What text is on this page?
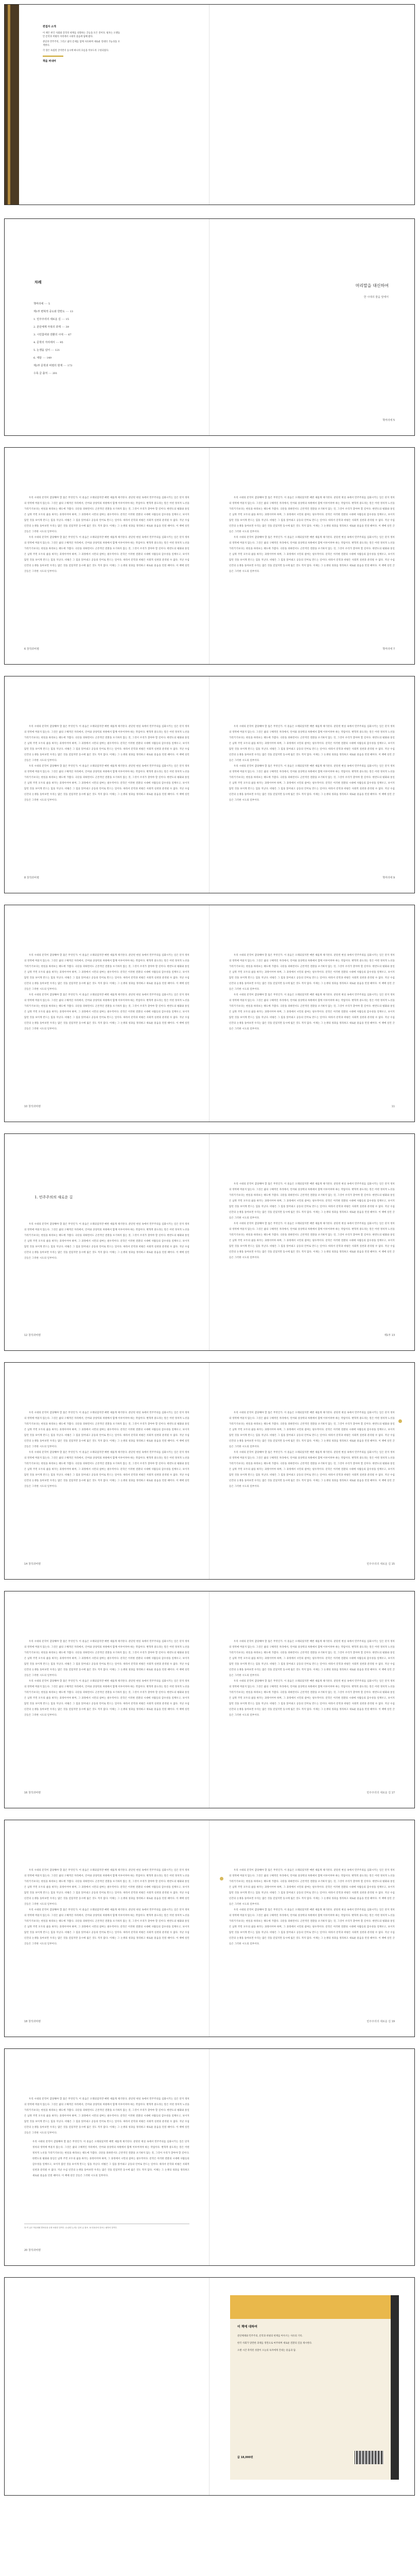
편집자 소개

이 책은 한국 사회와 문학의 현재를 성찰하는 글들을 모은 것이다. 필자는 오랫동안 문학과 비평의 자리에서 시대의 물음에 답해 왔다.

분단과 민주주의, 그리고 삶의 문제를 함께 사유하며 새로운 연대의 가능성을 모색한다.

각 장은 독립된 글이면서 동시에 하나의 흐름을 이루도록 구성되었다.

책을 펴내며
차례
책머리에 ···· 5
제1부 변혁적 중도와 한반도 ···· 13
1. 민주주의의 새로운 길 ···· 15
2. 분단체제 극복의 과제 ···· 39
3. 시민참여와 전환의 시대 ···· 67
4. 문학의 자리에서 ···· 95
5. 논쟁을 넘어 ···· 121
6. 대담 ···· 149
제2부 문학과 비평의 현재 ···· 173
수록 글 출처 ···· 201
머리말을 대신하여
한 시대의 물음 앞에서

책머리에 5

우리 시대의 문학이 감당해야 할 몫은 무엇인가. 이 물음은 오래되었지만 매번 새롭게 제기된다. 분단된 현실 속에서 민주주의를 심화시키는 일은 단지 정치의 영역에 머물지 않는다. 그것은 삶의 구체적인 자리에서, 언어와 상상력의 차원에서 함께 이루어져야 하는 작업이다. 변혁적 중도라는 말은 어떤 정치적 노선을 가리키기보다는 현실을 바라보는 태도에 가깝다. 극단을 피하면서도 근본적인 전환을 포기하지 않는 것, 그것이 우리가 찾아야 할 길이다. 한반도의 평화와 통일은 남북 주민 모두의 삶을 바꾸는 과정이어야 하며, 그 과정에서 시민의 참여는 필수적이다. 문학은 이러한 전환의 시대에 사람들의 감수성을 일깨우고, 보이지 않던 것을 보이게 만드는 힘을 지닌다. 비평은 그 힘을 읽어내고 공동의 언어로 만드는 일이다. 따라서 문학과 비평은 사회적 실천과 분리될 수 없다. 지난 수십 년간의 논쟁을 돌아보면 우리는 많은 것을 얻었지만 동시에 잃은 것도 적지 않다. 이제는 그 논쟁의 성과를 정리하고 새로운 물음을 던질 때이다. 이 책에 실린 글들은 그러한 시도의 일부이다.

우리 시대의 문학이 감당해야 할 몫은 무엇인가. 이 물음은 오래되었지만 매번 새롭게 제기된다. 분단된 현실 속에서 민주주의를 심화시키는 일은 단지 정치의 영역에 머물지 않는다. 그것은 삶의 구체적인 자리에서, 언어와 상상력의 차원에서 함께 이루어져야 하는 작업이다. 변혁적 중도라는 말은 어떤 정치적 노선을 가리키기보다는 현실을 바라보는 태도에 가깝다. 극단을 피하면서도 근본적인 전환을 포기하지 않는 것, 그것이 우리가 찾아야 할 길이다. 한반도의 평화와 통일은 남북 주민 모두의 삶을 바꾸는 과정이어야 하며, 그 과정에서 시민의 참여는 필수적이다. 문학은 이러한 전환의 시대에 사람들의 감수성을 일깨우고, 보이지 않던 것을 보이게 만드는 힘을 지닌다. 비평은 그 힘을 읽어내고 공동의 언어로 만드는 일이다. 따라서 문학과 비평은 사회적 실천과 분리될 수 없다. 지난 수십 년간의 논쟁을 돌아보면 우리는 많은 것을 얻었지만 동시에 잃은 것도 적지 않다. 이제는 그 논쟁의 성과를 정리하고 새로운 물음을 던질 때이다. 이 책에 실린 글들은 그러한 시도의 일부이다.

6 창작과비평

우리 시대의 문학이 감당해야 할 몫은 무엇인가. 이 물음은 오래되었지만 매번 새롭게 제기된다. 분단된 현실 속에서 민주주의를 심화시키는 일은 단지 정치의 영역에 머물지 않는다. 그것은 삶의 구체적인 자리에서, 언어와 상상력의 차원에서 함께 이루어져야 하는 작업이다. 변혁적 중도라는 말은 어떤 정치적 노선을 가리키기보다는 현실을 바라보는 태도에 가깝다. 극단을 피하면서도 근본적인 전환을 포기하지 않는 것, 그것이 우리가 찾아야 할 길이다. 한반도의 평화와 통일은 남북 주민 모두의 삶을 바꾸는 과정이어야 하며, 그 과정에서 시민의 참여는 필수적이다. 문학은 이러한 전환의 시대에 사람들의 감수성을 일깨우고, 보이지 않던 것을 보이게 만드는 힘을 지닌다. 비평은 그 힘을 읽어내고 공동의 언어로 만드는 일이다. 따라서 문학과 비평은 사회적 실천과 분리될 수 없다. 지난 수십 년간의 논쟁을 돌아보면 우리는 많은 것을 얻었지만 동시에 잃은 것도 적지 않다. 이제는 그 논쟁의 성과를 정리하고 새로운 물음을 던질 때이다. 이 책에 실린 글들은 그러한 시도의 일부이다.

우리 시대의 문학이 감당해야 할 몫은 무엇인가. 이 물음은 오래되었지만 매번 새롭게 제기된다. 분단된 현실 속에서 민주주의를 심화시키는 일은 단지 정치의 영역에 머물지 않는다. 그것은 삶의 구체적인 자리에서, 언어와 상상력의 차원에서 함께 이루어져야 하는 작업이다. 변혁적 중도라는 말은 어떤 정치적 노선을 가리키기보다는 현실을 바라보는 태도에 가깝다. 극단을 피하면서도 근본적인 전환을 포기하지 않는 것, 그것이 우리가 찾아야 할 길이다. 한반도의 평화와 통일은 남북 주민 모두의 삶을 바꾸는 과정이어야 하며, 그 과정에서 시민의 참여는 필수적이다. 문학은 이러한 전환의 시대에 사람들의 감수성을 일깨우고, 보이지 않던 것을 보이게 만드는 힘을 지닌다. 비평은 그 힘을 읽어내고 공동의 언어로 만드는 일이다. 따라서 문학과 비평은 사회적 실천과 분리될 수 없다. 지난 수십 년간의 논쟁을 돌아보면 우리는 많은 것을 얻었지만 동시에 잃은 것도 적지 않다. 이제는 그 논쟁의 성과를 정리하고 새로운 물음을 던질 때이다. 이 책에 실린 글들은 그러한 시도의 일부이다.

책머리에 7

우리 시대의 문학이 감당해야 할 몫은 무엇인가. 이 물음은 오래되었지만 매번 새롭게 제기된다. 분단된 현실 속에서 민주주의를 심화시키는 일은 단지 정치의 영역에 머물지 않는다. 그것은 삶의 구체적인 자리에서, 언어와 상상력의 차원에서 함께 이루어져야 하는 작업이다. 변혁적 중도라는 말은 어떤 정치적 노선을 가리키기보다는 현실을 바라보는 태도에 가깝다. 극단을 피하면서도 근본적인 전환을 포기하지 않는 것, 그것이 우리가 찾아야 할 길이다. 한반도의 평화와 통일은 남북 주민 모두의 삶을 바꾸는 과정이어야 하며, 그 과정에서 시민의 참여는 필수적이다. 문학은 이러한 전환의 시대에 사람들의 감수성을 일깨우고, 보이지 않던 것을 보이게 만드는 힘을 지닌다. 비평은 그 힘을 읽어내고 공동의 언어로 만드는 일이다. 따라서 문학과 비평은 사회적 실천과 분리될 수 없다. 지난 수십 년간의 논쟁을 돌아보면 우리는 많은 것을 얻었지만 동시에 잃은 것도 적지 않다. 이제는 그 논쟁의 성과를 정리하고 새로운 물음을 던질 때이다. 이 책에 실린 글들은 그러한 시도의 일부이다.

우리 시대의 문학이 감당해야 할 몫은 무엇인가. 이 물음은 오래되었지만 매번 새롭게 제기된다. 분단된 현실 속에서 민주주의를 심화시키는 일은 단지 정치의 영역에 머물지 않는다. 그것은 삶의 구체적인 자리에서, 언어와 상상력의 차원에서 함께 이루어져야 하는 작업이다. 변혁적 중도라는 말은 어떤 정치적 노선을 가리키기보다는 현실을 바라보는 태도에 가깝다. 극단을 피하면서도 근본적인 전환을 포기하지 않는 것, 그것이 우리가 찾아야 할 길이다. 한반도의 평화와 통일은 남북 주민 모두의 삶을 바꾸는 과정이어야 하며, 그 과정에서 시민의 참여는 필수적이다. 문학은 이러한 전환의 시대에 사람들의 감수성을 일깨우고, 보이지 않던 것을 보이게 만드는 힘을 지닌다. 비평은 그 힘을 읽어내고 공동의 언어로 만드는 일이다. 따라서 문학과 비평은 사회적 실천과 분리될 수 없다. 지난 수십 년간의 논쟁을 돌아보면 우리는 많은 것을 얻었지만 동시에 잃은 것도 적지 않다. 이제는 그 논쟁의 성과를 정리하고 새로운 물음을 던질 때이다. 이 책에 실린 글들은 그러한 시도의 일부이다.

8 창작과비평

우리 시대의 문학이 감당해야 할 몫은 무엇인가. 이 물음은 오래되었지만 매번 새롭게 제기된다. 분단된 현실 속에서 민주주의를 심화시키는 일은 단지 정치의 영역에 머물지 않는다. 그것은 삶의 구체적인 자리에서, 언어와 상상력의 차원에서 함께 이루어져야 하는 작업이다. 변혁적 중도라는 말은 어떤 정치적 노선을 가리키기보다는 현실을 바라보는 태도에 가깝다. 극단을 피하면서도 근본적인 전환을 포기하지 않는 것, 그것이 우리가 찾아야 할 길이다. 한반도의 평화와 통일은 남북 주민 모두의 삶을 바꾸는 과정이어야 하며, 그 과정에서 시민의 참여는 필수적이다. 문학은 이러한 전환의 시대에 사람들의 감수성을 일깨우고, 보이지 않던 것을 보이게 만드는 힘을 지닌다. 비평은 그 힘을 읽어내고 공동의 언어로 만드는 일이다. 따라서 문학과 비평은 사회적 실천과 분리될 수 없다. 지난 수십 년간의 논쟁을 돌아보면 우리는 많은 것을 얻었지만 동시에 잃은 것도 적지 않다. 이제는 그 논쟁의 성과를 정리하고 새로운 물음을 던질 때이다. 이 책에 실린 글들은 그러한 시도의 일부이다.

우리 시대의 문학이 감당해야 할 몫은 무엇인가. 이 물음은 오래되었지만 매번 새롭게 제기된다. 분단된 현실 속에서 민주주의를 심화시키는 일은 단지 정치의 영역에 머물지 않는다. 그것은 삶의 구체적인 자리에서, 언어와 상상력의 차원에서 함께 이루어져야 하는 작업이다. 변혁적 중도라는 말은 어떤 정치적 노선을 가리키기보다는 현실을 바라보는 태도에 가깝다. 극단을 피하면서도 근본적인 전환을 포기하지 않는 것, 그것이 우리가 찾아야 할 길이다. 한반도의 평화와 통일은 남북 주민 모두의 삶을 바꾸는 과정이어야 하며, 그 과정에서 시민의 참여는 필수적이다. 문학은 이러한 전환의 시대에 사람들의 감수성을 일깨우고, 보이지 않던 것을 보이게 만드는 힘을 지닌다. 비평은 그 힘을 읽어내고 공동의 언어로 만드는 일이다. 따라서 문학과 비평은 사회적 실천과 분리될 수 없다. 지난 수십 년간의 논쟁을 돌아보면 우리는 많은 것을 얻었지만 동시에 잃은 것도 적지 않다. 이제는 그 논쟁의 성과를 정리하고 새로운 물음을 던질 때이다. 이 책에 실린 글들은 그러한 시도의 일부이다.

책머리에 9

우리 시대의 문학이 감당해야 할 몫은 무엇인가. 이 물음은 오래되었지만 매번 새롭게 제기된다. 분단된 현실 속에서 민주주의를 심화시키는 일은 단지 정치의 영역에 머물지 않는다. 그것은 삶의 구체적인 자리에서, 언어와 상상력의 차원에서 함께 이루어져야 하는 작업이다. 변혁적 중도라는 말은 어떤 정치적 노선을 가리키기보다는 현실을 바라보는 태도에 가깝다. 극단을 피하면서도 근본적인 전환을 포기하지 않는 것, 그것이 우리가 찾아야 할 길이다. 한반도의 평화와 통일은 남북 주민 모두의 삶을 바꾸는 과정이어야 하며, 그 과정에서 시민의 참여는 필수적이다. 문학은 이러한 전환의 시대에 사람들의 감수성을 일깨우고, 보이지 않던 것을 보이게 만드는 힘을 지닌다. 비평은 그 힘을 읽어내고 공동의 언어로 만드는 일이다. 따라서 문학과 비평은 사회적 실천과 분리될 수 없다. 지난 수십 년간의 논쟁을 돌아보면 우리는 많은 것을 얻었지만 동시에 잃은 것도 적지 않다. 이제는 그 논쟁의 성과를 정리하고 새로운 물음을 던질 때이다. 이 책에 실린 글들은 그러한 시도의 일부이다.

우리 시대의 문학이 감당해야 할 몫은 무엇인가. 이 물음은 오래되었지만 매번 새롭게 제기된다. 분단된 현실 속에서 민주주의를 심화시키는 일은 단지 정치의 영역에 머물지 않는다. 그것은 삶의 구체적인 자리에서, 언어와 상상력의 차원에서 함께 이루어져야 하는 작업이다. 변혁적 중도라는 말은 어떤 정치적 노선을 가리키기보다는 현실을 바라보는 태도에 가깝다. 극단을 피하면서도 근본적인 전환을 포기하지 않는 것, 그것이 우리가 찾아야 할 길이다. 한반도의 평화와 통일은 남북 주민 모두의 삶을 바꾸는 과정이어야 하며, 그 과정에서 시민의 참여는 필수적이다. 문학은 이러한 전환의 시대에 사람들의 감수성을 일깨우고, 보이지 않던 것을 보이게 만드는 힘을 지닌다. 비평은 그 힘을 읽어내고 공동의 언어로 만드는 일이다. 따라서 문학과 비평은 사회적 실천과 분리될 수 없다. 지난 수십 년간의 논쟁을 돌아보면 우리는 많은 것을 얻었지만 동시에 잃은 것도 적지 않다. 이제는 그 논쟁의 성과를 정리하고 새로운 물음을 던질 때이다. 이 책에 실린 글들은 그러한 시도의 일부이다.

10 창작과비평

우리 시대의 문학이 감당해야 할 몫은 무엇인가. 이 물음은 오래되었지만 매번 새롭게 제기된다. 분단된 현실 속에서 민주주의를 심화시키는 일은 단지 정치의 영역에 머물지 않는다. 그것은 삶의 구체적인 자리에서, 언어와 상상력의 차원에서 함께 이루어져야 하는 작업이다. 변혁적 중도라는 말은 어떤 정치적 노선을 가리키기보다는 현실을 바라보는 태도에 가깝다. 극단을 피하면서도 근본적인 전환을 포기하지 않는 것, 그것이 우리가 찾아야 할 길이다. 한반도의 평화와 통일은 남북 주민 모두의 삶을 바꾸는 과정이어야 하며, 그 과정에서 시민의 참여는 필수적이다. 문학은 이러한 전환의 시대에 사람들의 감수성을 일깨우고, 보이지 않던 것을 보이게 만드는 힘을 지닌다. 비평은 그 힘을 읽어내고 공동의 언어로 만드는 일이다. 따라서 문학과 비평은 사회적 실천과 분리될 수 없다. 지난 수십 년간의 논쟁을 돌아보면 우리는 많은 것을 얻었지만 동시에 잃은 것도 적지 않다. 이제는 그 논쟁의 성과를 정리하고 새로운 물음을 던질 때이다. 이 책에 실린 글들은 그러한 시도의 일부이다.

우리 시대의 문학이 감당해야 할 몫은 무엇인가. 이 물음은 오래되었지만 매번 새롭게 제기된다. 분단된 현실 속에서 민주주의를 심화시키는 일은 단지 정치의 영역에 머물지 않는다. 그것은 삶의 구체적인 자리에서, 언어와 상상력의 차원에서 함께 이루어져야 하는 작업이다. 변혁적 중도라는 말은 어떤 정치적 노선을 가리키기보다는 현실을 바라보는 태도에 가깝다. 극단을 피하면서도 근본적인 전환을 포기하지 않는 것, 그것이 우리가 찾아야 할 길이다. 한반도의 평화와 통일은 남북 주민 모두의 삶을 바꾸는 과정이어야 하며, 그 과정에서 시민의 참여는 필수적이다. 문학은 이러한 전환의 시대에 사람들의 감수성을 일깨우고, 보이지 않던 것을 보이게 만드는 힘을 지닌다. 비평은 그 힘을 읽어내고 공동의 언어로 만드는 일이다. 따라서 문학과 비평은 사회적 실천과 분리될 수 없다. 지난 수십 년간의 논쟁을 돌아보면 우리는 많은 것을 얻었지만 동시에 잃은 것도 적지 않다. 이제는 그 논쟁의 성과를 정리하고 새로운 물음을 던질 때이다. 이 책에 실린 글들은 그러한 시도의 일부이다.

11
1. 민주주의의 새로운 길

우리 시대의 문학이 감당해야 할 몫은 무엇인가. 이 물음은 오래되었지만 매번 새롭게 제기된다. 분단된 현실 속에서 민주주의를 심화시키는 일은 단지 정치의 영역에 머물지 않는다. 그것은 삶의 구체적인 자리에서, 언어와 상상력의 차원에서 함께 이루어져야 하는 작업이다. 변혁적 중도라는 말은 어떤 정치적 노선을 가리키기보다는 현실을 바라보는 태도에 가깝다. 극단을 피하면서도 근본적인 전환을 포기하지 않는 것, 그것이 우리가 찾아야 할 길이다. 한반도의 평화와 통일은 남북 주민 모두의 삶을 바꾸는 과정이어야 하며, 그 과정에서 시민의 참여는 필수적이다. 문학은 이러한 전환의 시대에 사람들의 감수성을 일깨우고, 보이지 않던 것을 보이게 만드는 힘을 지닌다. 비평은 그 힘을 읽어내고 공동의 언어로 만드는 일이다. 따라서 문학과 비평은 사회적 실천과 분리될 수 없다. 지난 수십 년간의 논쟁을 돌아보면 우리는 많은 것을 얻었지만 동시에 잃은 것도 적지 않다. 이제는 그 논쟁의 성과를 정리하고 새로운 물음을 던질 때이다. 이 책에 실린 글들은 그러한 시도의 일부이다.

12 창작과비평

우리 시대의 문학이 감당해야 할 몫은 무엇인가. 이 물음은 오래되었지만 매번 새롭게 제기된다. 분단된 현실 속에서 민주주의를 심화시키는 일은 단지 정치의 영역에 머물지 않는다. 그것은 삶의 구체적인 자리에서, 언어와 상상력의 차원에서 함께 이루어져야 하는 작업이다. 변혁적 중도라는 말은 어떤 정치적 노선을 가리키기보다는 현실을 바라보는 태도에 가깝다. 극단을 피하면서도 근본적인 전환을 포기하지 않는 것, 그것이 우리가 찾아야 할 길이다. 한반도의 평화와 통일은 남북 주민 모두의 삶을 바꾸는 과정이어야 하며, 그 과정에서 시민의 참여는 필수적이다. 문학은 이러한 전환의 시대에 사람들의 감수성을 일깨우고, 보이지 않던 것을 보이게 만드는 힘을 지닌다. 비평은 그 힘을 읽어내고 공동의 언어로 만드는 일이다. 따라서 문학과 비평은 사회적 실천과 분리될 수 없다. 지난 수십 년간의 논쟁을 돌아보면 우리는 많은 것을 얻었지만 동시에 잃은 것도 적지 않다. 이제는 그 논쟁의 성과를 정리하고 새로운 물음을 던질 때이다. 이 책에 실린 글들은 그러한 시도의 일부이다.

우리 시대의 문학이 감당해야 할 몫은 무엇인가. 이 물음은 오래되었지만 매번 새롭게 제기된다. 분단된 현실 속에서 민주주의를 심화시키는 일은 단지 정치의 영역에 머물지 않는다. 그것은 삶의 구체적인 자리에서, 언어와 상상력의 차원에서 함께 이루어져야 하는 작업이다. 변혁적 중도라는 말은 어떤 정치적 노선을 가리키기보다는 현실을 바라보는 태도에 가깝다. 극단을 피하면서도 근본적인 전환을 포기하지 않는 것, 그것이 우리가 찾아야 할 길이다. 한반도의 평화와 통일은 남북 주민 모두의 삶을 바꾸는 과정이어야 하며, 그 과정에서 시민의 참여는 필수적이다. 문학은 이러한 전환의 시대에 사람들의 감수성을 일깨우고, 보이지 않던 것을 보이게 만드는 힘을 지닌다. 비평은 그 힘을 읽어내고 공동의 언어로 만드는 일이다. 따라서 문학과 비평은 사회적 실천과 분리될 수 없다. 지난 수십 년간의 논쟁을 돌아보면 우리는 많은 것을 얻었지만 동시에 잃은 것도 적지 않다. 이제는 그 논쟁의 성과를 정리하고 새로운 물음을 던질 때이다. 이 책에 실린 글들은 그러한 시도의 일부이다.

제1부 13

우리 시대의 문학이 감당해야 할 몫은 무엇인가. 이 물음은 오래되었지만 매번 새롭게 제기된다. 분단된 현실 속에서 민주주의를 심화시키는 일은 단지 정치의 영역에 머물지 않는다. 그것은 삶의 구체적인 자리에서, 언어와 상상력의 차원에서 함께 이루어져야 하는 작업이다. 변혁적 중도라는 말은 어떤 정치적 노선을 가리키기보다는 현실을 바라보는 태도에 가깝다. 극단을 피하면서도 근본적인 전환을 포기하지 않는 것, 그것이 우리가 찾아야 할 길이다. 한반도의 평화와 통일은 남북 주민 모두의 삶을 바꾸는 과정이어야 하며, 그 과정에서 시민의 참여는 필수적이다. 문학은 이러한 전환의 시대에 사람들의 감수성을 일깨우고, 보이지 않던 것을 보이게 만드는 힘을 지닌다. 비평은 그 힘을 읽어내고 공동의 언어로 만드는 일이다. 따라서 문학과 비평은 사회적 실천과 분리될 수 없다. 지난 수십 년간의 논쟁을 돌아보면 우리는 많은 것을 얻었지만 동시에 잃은 것도 적지 않다. 이제는 그 논쟁의 성과를 정리하고 새로운 물음을 던질 때이다. 이 책에 실린 글들은 그러한 시도의 일부이다.

우리 시대의 문학이 감당해야 할 몫은 무엇인가. 이 물음은 오래되었지만 매번 새롭게 제기된다. 분단된 현실 속에서 민주주의를 심화시키는 일은 단지 정치의 영역에 머물지 않는다. 그것은 삶의 구체적인 자리에서, 언어와 상상력의 차원에서 함께 이루어져야 하는 작업이다. 변혁적 중도라는 말은 어떤 정치적 노선을 가리키기보다는 현실을 바라보는 태도에 가깝다. 극단을 피하면서도 근본적인 전환을 포기하지 않는 것, 그것이 우리가 찾아야 할 길이다. 한반도의 평화와 통일은 남북 주민 모두의 삶을 바꾸는 과정이어야 하며, 그 과정에서 시민의 참여는 필수적이다. 문학은 이러한 전환의 시대에 사람들의 감수성을 일깨우고, 보이지 않던 것을 보이게 만드는 힘을 지닌다. 비평은 그 힘을 읽어내고 공동의 언어로 만드는 일이다. 따라서 문학과 비평은 사회적 실천과 분리될 수 없다. 지난 수십 년간의 논쟁을 돌아보면 우리는 많은 것을 얻었지만 동시에 잃은 것도 적지 않다. 이제는 그 논쟁의 성과를 정리하고 새로운 물음을 던질 때이다. 이 책에 실린 글들은 그러한 시도의 일부이다.

14 창작과비평

우리 시대의 문학이 감당해야 할 몫은 무엇인가. 이 물음은 오래되었지만 매번 새롭게 제기된다. 분단된 현실 속에서 민주주의를 심화시키는 일은 단지 정치의 영역에 머물지 않는다. 그것은 삶의 구체적인 자리에서, 언어와 상상력의 차원에서 함께 이루어져야 하는 작업이다. 변혁적 중도라는 말은 어떤 정치적 노선을 가리키기보다는 현실을 바라보는 태도에 가깝다. 극단을 피하면서도 근본적인 전환을 포기하지 않는 것, 그것이 우리가 찾아야 할 길이다. 한반도의 평화와 통일은 남북 주민 모두의 삶을 바꾸는 과정이어야 하며, 그 과정에서 시민의 참여는 필수적이다. 문학은 이러한 전환의 시대에 사람들의 감수성을 일깨우고, 보이지 않던 것을 보이게 만드는 힘을 지닌다. 비평은 그 힘을 읽어내고 공동의 언어로 만드는 일이다. 따라서 문학과 비평은 사회적 실천과 분리될 수 없다. 지난 수십 년간의 논쟁을 돌아보면 우리는 많은 것을 얻었지만 동시에 잃은 것도 적지 않다. 이제는 그 논쟁의 성과를 정리하고 새로운 물음을 던질 때이다. 이 책에 실린 글들은 그러한 시도의 일부이다.

우리 시대의 문학이 감당해야 할 몫은 무엇인가. 이 물음은 오래되었지만 매번 새롭게 제기된다. 분단된 현실 속에서 민주주의를 심화시키는 일은 단지 정치의 영역에 머물지 않는다. 그것은 삶의 구체적인 자리에서, 언어와 상상력의 차원에서 함께 이루어져야 하는 작업이다. 변혁적 중도라는 말은 어떤 정치적 노선을 가리키기보다는 현실을 바라보는 태도에 가깝다. 극단을 피하면서도 근본적인 전환을 포기하지 않는 것, 그것이 우리가 찾아야 할 길이다. 한반도의 평화와 통일은 남북 주민 모두의 삶을 바꾸는 과정이어야 하며, 그 과정에서 시민의 참여는 필수적이다. 문학은 이러한 전환의 시대에 사람들의 감수성을 일깨우고, 보이지 않던 것을 보이게 만드는 힘을 지닌다. 비평은 그 힘을 읽어내고 공동의 언어로 만드는 일이다. 따라서 문학과 비평은 사회적 실천과 분리될 수 없다. 지난 수십 년간의 논쟁을 돌아보면 우리는 많은 것을 얻었지만 동시에 잃은 것도 적지 않다. 이제는 그 논쟁의 성과를 정리하고 새로운 물음을 던질 때이다. 이 책에 실린 글들은 그러한 시도의 일부이다.

민주주의의 새로운 길 15

우리 시대의 문학이 감당해야 할 몫은 무엇인가. 이 물음은 오래되었지만 매번 새롭게 제기된다. 분단된 현실 속에서 민주주의를 심화시키는 일은 단지 정치의 영역에 머물지 않는다. 그것은 삶의 구체적인 자리에서, 언어와 상상력의 차원에서 함께 이루어져야 하는 작업이다. 변혁적 중도라는 말은 어떤 정치적 노선을 가리키기보다는 현실을 바라보는 태도에 가깝다. 극단을 피하면서도 근본적인 전환을 포기하지 않는 것, 그것이 우리가 찾아야 할 길이다. 한반도의 평화와 통일은 남북 주민 모두의 삶을 바꾸는 과정이어야 하며, 그 과정에서 시민의 참여는 필수적이다. 문학은 이러한 전환의 시대에 사람들의 감수성을 일깨우고, 보이지 않던 것을 보이게 만드는 힘을 지닌다. 비평은 그 힘을 읽어내고 공동의 언어로 만드는 일이다. 따라서 문학과 비평은 사회적 실천과 분리될 수 없다. 지난 수십 년간의 논쟁을 돌아보면 우리는 많은 것을 얻었지만 동시에 잃은 것도 적지 않다. 이제는 그 논쟁의 성과를 정리하고 새로운 물음을 던질 때이다. 이 책에 실린 글들은 그러한 시도의 일부이다.

우리 시대의 문학이 감당해야 할 몫은 무엇인가. 이 물음은 오래되었지만 매번 새롭게 제기된다. 분단된 현실 속에서 민주주의를 심화시키는 일은 단지 정치의 영역에 머물지 않는다. 그것은 삶의 구체적인 자리에서, 언어와 상상력의 차원에서 함께 이루어져야 하는 작업이다. 변혁적 중도라는 말은 어떤 정치적 노선을 가리키기보다는 현실을 바라보는 태도에 가깝다. 극단을 피하면서도 근본적인 전환을 포기하지 않는 것, 그것이 우리가 찾아야 할 길이다. 한반도의 평화와 통일은 남북 주민 모두의 삶을 바꾸는 과정이어야 하며, 그 과정에서 시민의 참여는 필수적이다. 문학은 이러한 전환의 시대에 사람들의 감수성을 일깨우고, 보이지 않던 것을 보이게 만드는 힘을 지닌다. 비평은 그 힘을 읽어내고 공동의 언어로 만드는 일이다. 따라서 문학과 비평은 사회적 실천과 분리될 수 없다. 지난 수십 년간의 논쟁을 돌아보면 우리는 많은 것을 얻었지만 동시에 잃은 것도 적지 않다. 이제는 그 논쟁의 성과를 정리하고 새로운 물음을 던질 때이다. 이 책에 실린 글들은 그러한 시도의 일부이다.

16 창작과비평

우리 시대의 문학이 감당해야 할 몫은 무엇인가. 이 물음은 오래되었지만 매번 새롭게 제기된다. 분단된 현실 속에서 민주주의를 심화시키는 일은 단지 정치의 영역에 머물지 않는다. 그것은 삶의 구체적인 자리에서, 언어와 상상력의 차원에서 함께 이루어져야 하는 작업이다. 변혁적 중도라는 말은 어떤 정치적 노선을 가리키기보다는 현실을 바라보는 태도에 가깝다. 극단을 피하면서도 근본적인 전환을 포기하지 않는 것, 그것이 우리가 찾아야 할 길이다. 한반도의 평화와 통일은 남북 주민 모두의 삶을 바꾸는 과정이어야 하며, 그 과정에서 시민의 참여는 필수적이다. 문학은 이러한 전환의 시대에 사람들의 감수성을 일깨우고, 보이지 않던 것을 보이게 만드는 힘을 지닌다. 비평은 그 힘을 읽어내고 공동의 언어로 만드는 일이다. 따라서 문학과 비평은 사회적 실천과 분리될 수 없다. 지난 수십 년간의 논쟁을 돌아보면 우리는 많은 것을 얻었지만 동시에 잃은 것도 적지 않다. 이제는 그 논쟁의 성과를 정리하고 새로운 물음을 던질 때이다. 이 책에 실린 글들은 그러한 시도의 일부이다.

우리 시대의 문학이 감당해야 할 몫은 무엇인가. 이 물음은 오래되었지만 매번 새롭게 제기된다. 분단된 현실 속에서 민주주의를 심화시키는 일은 단지 정치의 영역에 머물지 않는다. 그것은 삶의 구체적인 자리에서, 언어와 상상력의 차원에서 함께 이루어져야 하는 작업이다. 변혁적 중도라는 말은 어떤 정치적 노선을 가리키기보다는 현실을 바라보는 태도에 가깝다. 극단을 피하면서도 근본적인 전환을 포기하지 않는 것, 그것이 우리가 찾아야 할 길이다. 한반도의 평화와 통일은 남북 주민 모두의 삶을 바꾸는 과정이어야 하며, 그 과정에서 시민의 참여는 필수적이다. 문학은 이러한 전환의 시대에 사람들의 감수성을 일깨우고, 보이지 않던 것을 보이게 만드는 힘을 지닌다. 비평은 그 힘을 읽어내고 공동의 언어로 만드는 일이다. 따라서 문학과 비평은 사회적 실천과 분리될 수 없다. 지난 수십 년간의 논쟁을 돌아보면 우리는 많은 것을 얻었지만 동시에 잃은 것도 적지 않다. 이제는 그 논쟁의 성과를 정리하고 새로운 물음을 던질 때이다. 이 책에 실린 글들은 그러한 시도의 일부이다.

민주주의의 새로운 길 17

우리 시대의 문학이 감당해야 할 몫은 무엇인가. 이 물음은 오래되었지만 매번 새롭게 제기된다. 분단된 현실 속에서 민주주의를 심화시키는 일은 단지 정치의 영역에 머물지 않는다. 그것은 삶의 구체적인 자리에서, 언어와 상상력의 차원에서 함께 이루어져야 하는 작업이다. 변혁적 중도라는 말은 어떤 정치적 노선을 가리키기보다는 현실을 바라보는 태도에 가깝다. 극단을 피하면서도 근본적인 전환을 포기하지 않는 것, 그것이 우리가 찾아야 할 길이다. 한반도의 평화와 통일은 남북 주민 모두의 삶을 바꾸는 과정이어야 하며, 그 과정에서 시민의 참여는 필수적이다. 문학은 이러한 전환의 시대에 사람들의 감수성을 일깨우고, 보이지 않던 것을 보이게 만드는 힘을 지닌다. 비평은 그 힘을 읽어내고 공동의 언어로 만드는 일이다. 따라서 문학과 비평은 사회적 실천과 분리될 수 없다. 지난 수십 년간의 논쟁을 돌아보면 우리는 많은 것을 얻었지만 동시에 잃은 것도 적지 않다. 이제는 그 논쟁의 성과를 정리하고 새로운 물음을 던질 때이다. 이 책에 실린 글들은 그러한 시도의 일부이다.

우리 시대의 문학이 감당해야 할 몫은 무엇인가. 이 물음은 오래되었지만 매번 새롭게 제기된다. 분단된 현실 속에서 민주주의를 심화시키는 일은 단지 정치의 영역에 머물지 않는다. 그것은 삶의 구체적인 자리에서, 언어와 상상력의 차원에서 함께 이루어져야 하는 작업이다. 변혁적 중도라는 말은 어떤 정치적 노선을 가리키기보다는 현실을 바라보는 태도에 가깝다. 극단을 피하면서도 근본적인 전환을 포기하지 않는 것, 그것이 우리가 찾아야 할 길이다. 한반도의 평화와 통일은 남북 주민 모두의 삶을 바꾸는 과정이어야 하며, 그 과정에서 시민의 참여는 필수적이다. 문학은 이러한 전환의 시대에 사람들의 감수성을 일깨우고, 보이지 않던 것을 보이게 만드는 힘을 지닌다. 비평은 그 힘을 읽어내고 공동의 언어로 만드는 일이다. 따라서 문학과 비평은 사회적 실천과 분리될 수 없다. 지난 수십 년간의 논쟁을 돌아보면 우리는 많은 것을 얻었지만 동시에 잃은 것도 적지 않다. 이제는 그 논쟁의 성과를 정리하고 새로운 물음을 던질 때이다. 이 책에 실린 글들은 그러한 시도의 일부이다.

18 창작과비평

우리 시대의 문학이 감당해야 할 몫은 무엇인가. 이 물음은 오래되었지만 매번 새롭게 제기된다. 분단된 현실 속에서 민주주의를 심화시키는 일은 단지 정치의 영역에 머물지 않는다. 그것은 삶의 구체적인 자리에서, 언어와 상상력의 차원에서 함께 이루어져야 하는 작업이다. 변혁적 중도라는 말은 어떤 정치적 노선을 가리키기보다는 현실을 바라보는 태도에 가깝다. 극단을 피하면서도 근본적인 전환을 포기하지 않는 것, 그것이 우리가 찾아야 할 길이다. 한반도의 평화와 통일은 남북 주민 모두의 삶을 바꾸는 과정이어야 하며, 그 과정에서 시민의 참여는 필수적이다. 문학은 이러한 전환의 시대에 사람들의 감수성을 일깨우고, 보이지 않던 것을 보이게 만드는 힘을 지닌다. 비평은 그 힘을 읽어내고 공동의 언어로 만드는 일이다. 따라서 문학과 비평은 사회적 실천과 분리될 수 없다. 지난 수십 년간의 논쟁을 돌아보면 우리는 많은 것을 얻었지만 동시에 잃은 것도 적지 않다. 이제는 그 논쟁의 성과를 정리하고 새로운 물음을 던질 때이다. 이 책에 실린 글들은 그러한 시도의 일부이다.

우리 시대의 문학이 감당해야 할 몫은 무엇인가. 이 물음은 오래되었지만 매번 새롭게 제기된다. 분단된 현실 속에서 민주주의를 심화시키는 일은 단지 정치의 영역에 머물지 않는다. 그것은 삶의 구체적인 자리에서, 언어와 상상력의 차원에서 함께 이루어져야 하는 작업이다. 변혁적 중도라는 말은 어떤 정치적 노선을 가리키기보다는 현실을 바라보는 태도에 가깝다. 극단을 피하면서도 근본적인 전환을 포기하지 않는 것, 그것이 우리가 찾아야 할 길이다. 한반도의 평화와 통일은 남북 주민 모두의 삶을 바꾸는 과정이어야 하며, 그 과정에서 시민의 참여는 필수적이다. 문학은 이러한 전환의 시대에 사람들의 감수성을 일깨우고, 보이지 않던 것을 보이게 만드는 힘을 지닌다. 비평은 그 힘을 읽어내고 공동의 언어로 만드는 일이다. 따라서 문학과 비평은 사회적 실천과 분리될 수 없다. 지난 수십 년간의 논쟁을 돌아보면 우리는 많은 것을 얻었지만 동시에 잃은 것도 적지 않다. 이제는 그 논쟁의 성과를 정리하고 새로운 물음을 던질 때이다. 이 책에 실린 글들은 그러한 시도의 일부이다.

민주주의의 새로운 길 19

우리 시대의 문학이 감당해야 할 몫은 무엇인가. 이 물음은 오래되었지만 매번 새롭게 제기된다. 분단된 현실 속에서 민주주의를 심화시키는 일은 단지 정치의 영역에 머물지 않는다. 그것은 삶의 구체적인 자리에서, 언어와 상상력의 차원에서 함께 이루어져야 하는 작업이다. 변혁적 중도라는 말은 어떤 정치적 노선을 가리키기보다는 현실을 바라보는 태도에 가깝다. 극단을 피하면서도 근본적인 전환을 포기하지 않는 것, 그것이 우리가 찾아야 할 길이다. 한반도의 평화와 통일은 남북 주민 모두의 삶을 바꾸는 과정이어야 하며, 그 과정에서 시민의 참여는 필수적이다. 문학은 이러한 전환의 시대에 사람들의 감수성을 일깨우고, 보이지 않던 것을 보이게 만드는 힘을 지닌다. 비평은 그 힘을 읽어내고 공동의 언어로 만드는 일이다. 따라서 문학과 비평은 사회적 실천과 분리될 수 없다. 지난 수십 년간의 논쟁을 돌아보면 우리는 많은 것을 얻었지만 동시에 잃은 것도 적지 않다. 이제는 그 논쟁의 성과를 정리하고 새로운 물음을 던질 때이다. 이 책에 실린 글들은 그러한 시도의 일부이다.

우리 시대의 문학이 감당해야 할 몫은 무엇인가. 이 물음은 오래되었지만 매번 새롭게 제기된다. 분단된 현실 속에서 민주주의를 심화시키는 일은 단지 정치의 영역에 머물지 않는다. 그것은 삶의 구체적인 자리에서, 언어와 상상력의 차원에서 함께 이루어져야 하는 작업이다. 변혁적 중도라는 말은 어떤 정치적 노선을 가리키기보다는 현실을 바라보는 태도에 가깝다. 극단을 피하면서도 근본적인 전환을 포기하지 않는 것, 그것이 우리가 찾아야 할 길이다. 한반도의 평화와 통일은 남북 주민 모두의 삶을 바꾸는 과정이어야 하며, 그 과정에서 시민의 참여는 필수적이다. 문학은 이러한 전환의 시대에 사람들의 감수성을 일깨우고, 보이지 않던 것을 보이게 만드는 힘을 지닌다. 비평은 그 힘을 읽어내고 공동의 언어로 만드는 일이다. 따라서 문학과 비평은 사회적 실천과 분리될 수 없다. 지난 수십 년간의 논쟁을 돌아보면 우리는 많은 것을 얻었지만 동시에 잃은 것도 적지 않다. 이제는 그 논쟁의 성과를 정리하고 새로운 물음을 던질 때이다. 이 책에 실린 글들은 그러한 시도의 일부이다.
1) 이 글은 학술대회 발표문을 수정·보완한 것이다. 2) 관련 논의는 앞의 글 참조. 3) 인용문의 강조는 필자의 것이다.
20 창작과비평
이 책에 대하여

분단체제와 민주주의, 문학과 비평의 현재를 아우르는 사유의 기록.

한국 사회가 당면한 과제를 정면으로 마주하며 새로운 전환의 길을 제시한다.

오랜 시간 축적된 성찰이 오늘의 독자에게 건네는 물음과 답.

값 18,000원
